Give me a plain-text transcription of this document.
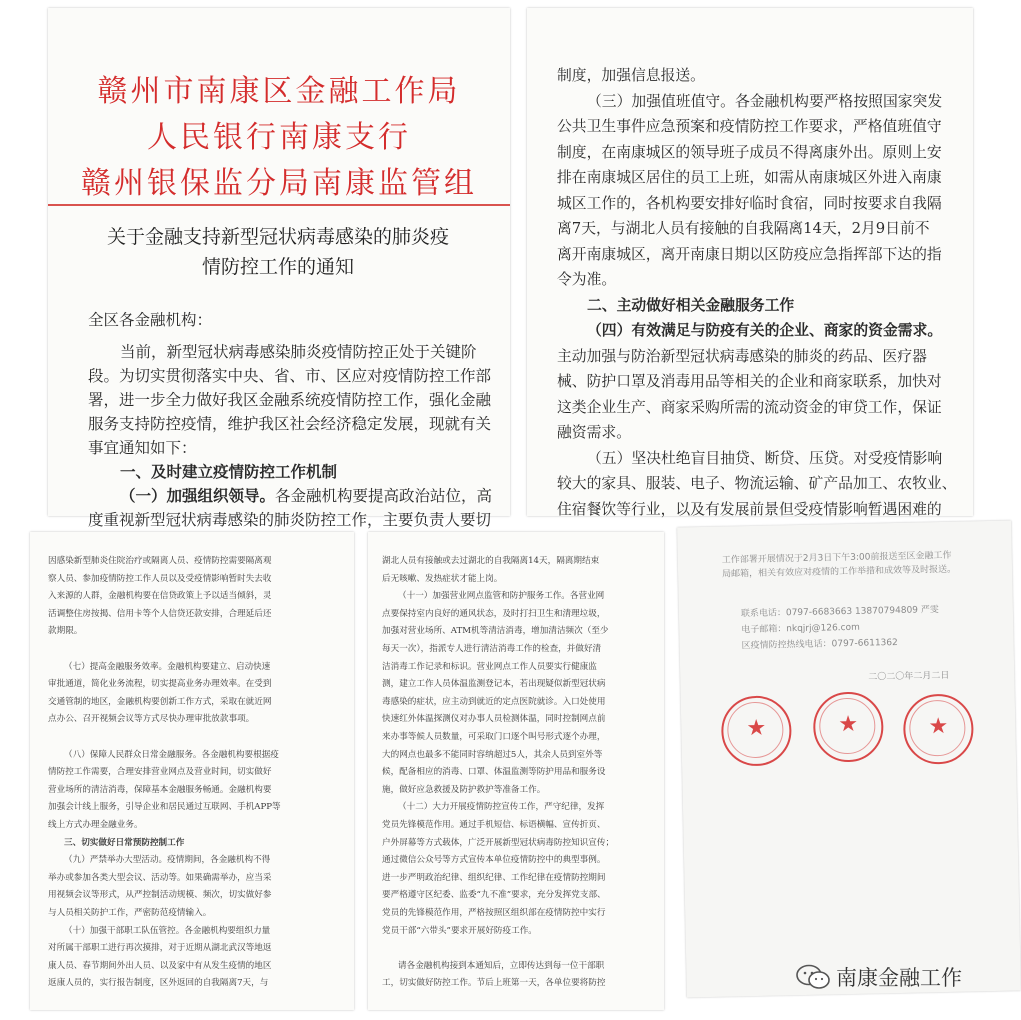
赣州市南康区金融工作局
人民银行南康支行
赣州银保监分局南康监管组
关于金融支持新型冠状病毒感染的肺炎疫
情防控工作的通知
全区各金融机构：
当前，新型冠状病毒感染肺炎疫情防控正处于关键阶
段。为切实贯彻落实中央、省、市、区应对疫情防控工作部
署，进一步全力做好我区金融系统疫情防控工作，强化金融
服务支持防控疫情，维护我区社会经济稳定发展，现就有关
事宜通知如下：
一、及时建立疫情防控工作机制
（一）加强组织领导。各金融机构要提高政治站位，高
度重视新型冠状病毒感染的肺炎防控工作，主要负责人要切
制度，加强信息报送。
（三）加强值班值守。各金融机构要严格按照国家突发
公共卫生事件应急预案和疫情防控工作要求，严格值班值守
制度，在南康城区的领导班子成员不得离康外出。原则上安
排在南康城区居住的员工上班，如需从南康城区外进入南康
城区工作的，各机构要安排好临时食宿，同时按要求自我隔
离7天，与湖北人员有接触的自我隔离14天，2月9日前不
离开南康城区，离开南康日期以区防疫应急指挥部下达的指
令为准。
二、主动做好相关金融服务工作
（四）有效满足与防疫有关的企业、商家的资金需求。
主动加强与防治新型冠状病毒感染的肺炎的药品、医疗器
械、防护口罩及消毒用品等相关的企业和商家联系，加快对
这类企业生产、商家采购所需的流动资金的审贷工作，保证
融资需求。
（五）坚决杜绝盲目抽贷、断贷、压贷。对受疫情影响
较大的家具、服装、电子、物流运输、矿产品加工、农牧业、
住宿餐饮等行业，以及有发展前景但受疫情影响暂遇困难的
因感染新型肺炎住院治疗或隔离人员、疫情防控需要隔离观
察人员、参加疫情防控工作人员以及受疫情影响暂时失去收
入来源的人群，金融机构要在信贷政策上予以适当倾斜，灵
活调整住房按揭、信用卡等个人信贷还款安排，合理延后还
款期限。
（七）提高金融服务效率。金融机构要建立、启动快速
审批通道，简化业务流程，切实提高业务办理效率。在受到
交通管制的地区，金融机构要创新工作方式，采取在就近网
点办公、召开视频会议等方式尽快办理审批放款事项。
（八）保障人民群众日常金融服务。各金融机构要根据疫
情防控工作需要，合理安排营业网点及营业时间，切实做好
营业场所的清洁消毒，保障基本金融服务畅通。金融机构要
加强会计线上服务，引导企业和居民通过互联网、手机APP等
线上方式办理金融业务。
三、切实做好日常预防控制工作
（九）严禁举办大型活动。疫情期间，各金融机构不得
举办或参加各类大型会议、活动等。如果确需举办，应当采
用视频会议等形式，从严控制活动规模、频次，切实做好参
与人员相关防护工作，严密防范疫情输入。
（十）加强干部职工队伍管控。各金融机构要组织力量
对所属干部职工进行再次摸排，对于近期从湖北武汉等地返
康人员、春节期间外出人员、以及家中有从发生疫情的地区
返康人员的，实行报告制度，区外返回的自我隔离7天，与
湖北人员有接触或去过湖北的自我隔离14天，隔离期结束
后无咳嗽、发热症状才能上岗。
（十一）加强营业网点监管和防护服务工作。各营业网
点要保持室内良好的通风状态，及时打扫卫生和清理垃圾，
加强对营业场所、ATM机等清洁消毒，增加清洁频次（至少
每天一次），指派专人进行清洁消毒工作的检查，并做好清
洁消毒工作记录和标识。营业网点工作人员要实行健康监
测，建立工作人员体温监测登记本，若出现疑似新型冠状病
毒感染的症状，应主动到就近的定点医院就诊。入口处使用
快速红外体温探测仪对办事人员检测体温，同时控制网点前
来办事等候人员数量，可采取门口逐个叫号形式逐个办理，
大的网点也最多不能同时容纳超过5人，其余人员到室外等
候，配备相应的消毒、口罩、体温监测等防护用品和服务设
施，做好应急救援及防护救护等准备工作。
（十二）大力开展疫情防控宣传工作，严守纪律，发挥
党员先锋模范作用。通过手机短信、标语横幅、宣传折页、
户外屏幕等方式载体，广泛开展新型冠状病毒防控知识宣传；
通过微信公众号等方式宣传本单位疫情防控中的典型事例。
进一步严明政治纪律、组织纪律、工作纪律在疫情防控期间
要严格遵守区纪委、监委“九不准”要求，充分发挥党支部、
党员的先锋模范作用，严格按照区组织部在疫情防控中实行
党员干部“六带头”要求开展好防疫工作。
请各金融机构接到本通知后，立即传达到每一位干部职
工，切实做好防控工作。节后上班第一天，各单位要将防控
工作部署开展情况于2月3日下午3:00前报送至区金融工作
局邮箱，相关有效应对疫情的工作举措和成效等及时报送。
联系电话：0797-6683663 13870794809 严雯
电子邮箱：nkqjrj@126.com
区疫情防控热线电话：0797-6611362
二〇二〇年二月二日
★	★	★
南康金融工作
